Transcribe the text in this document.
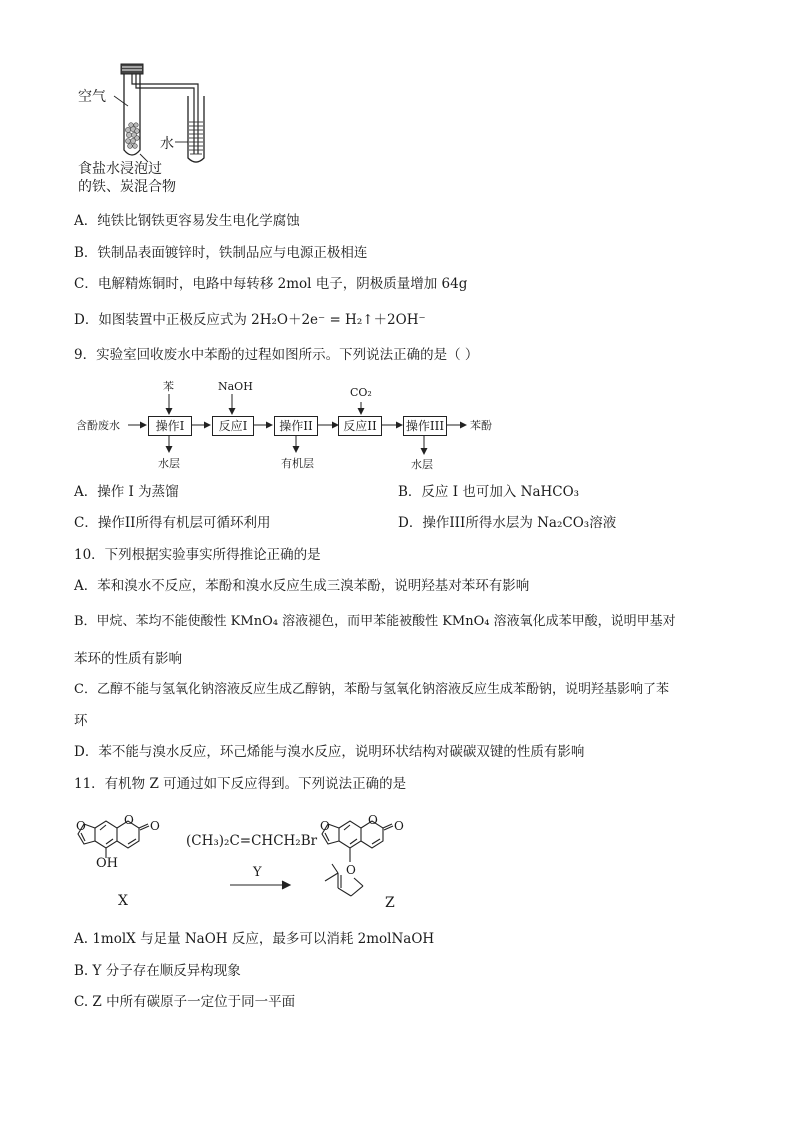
空气
水
食盐水浸泡过
的铁、炭混合物
A．纯铁比钢铁更容易发生电化学腐蚀
B．铁制品表面镀锌时，铁制品应与电源正极相连
C．电解精炼铜时，电路中每转移 2mol 电子，阴极质量增加 64g
D．如图装置中正极反应式为 2H₂O＋2e⁻ = H₂↑＋2OH⁻
9．实验室回收废水中苯酚的过程如图所示。下列说法正确的是（ ）
含酚废水	操作I	反应I	操作II	反应II	操作III 苯酚
苯	NaOH	CO₂
水层	有机层	水层
A．操作 I 为蒸馏	B．反应 I 也可加入 NaHCO₃
C．操作II所得有机层可循环利用	D．操作III所得水层为 Na₂CO₃溶液
10．下列根据实验事实所得推论正确的是
A．苯和溴水不反应，苯酚和溴水反应生成三溴苯酚，说明羟基对苯环有影响
B．甲烷、苯均不能使酸性 KMnO₄ 溶液褪色，而甲苯能被酸性 KMnO₄ 溶液氧化成苯甲酸，说明甲基对
苯环的性质有影响
C．乙醇不能与氢氧化钠溶液反应生成乙醇钠，苯酚与氢氧化钠溶液反应生成苯酚钠，说明羟基影响了苯
环
D．苯不能与溴水反应，环己烯能与溴水反应，说明环状结构对碳碳双键的性质有影响
11．有机物 Z 可通过如下反应得到。下列说法正确的是
O	O O	O	O O
O
OH
X
(CH₃)₂C=CHCH₂Br
Y
Z
A. 1molX 与足量 NaOH 反应，最多可以消耗 2molNaOH
B. Y 分子存在顺反异构现象
C. Z 中所有碳原子一定位于同一平面
